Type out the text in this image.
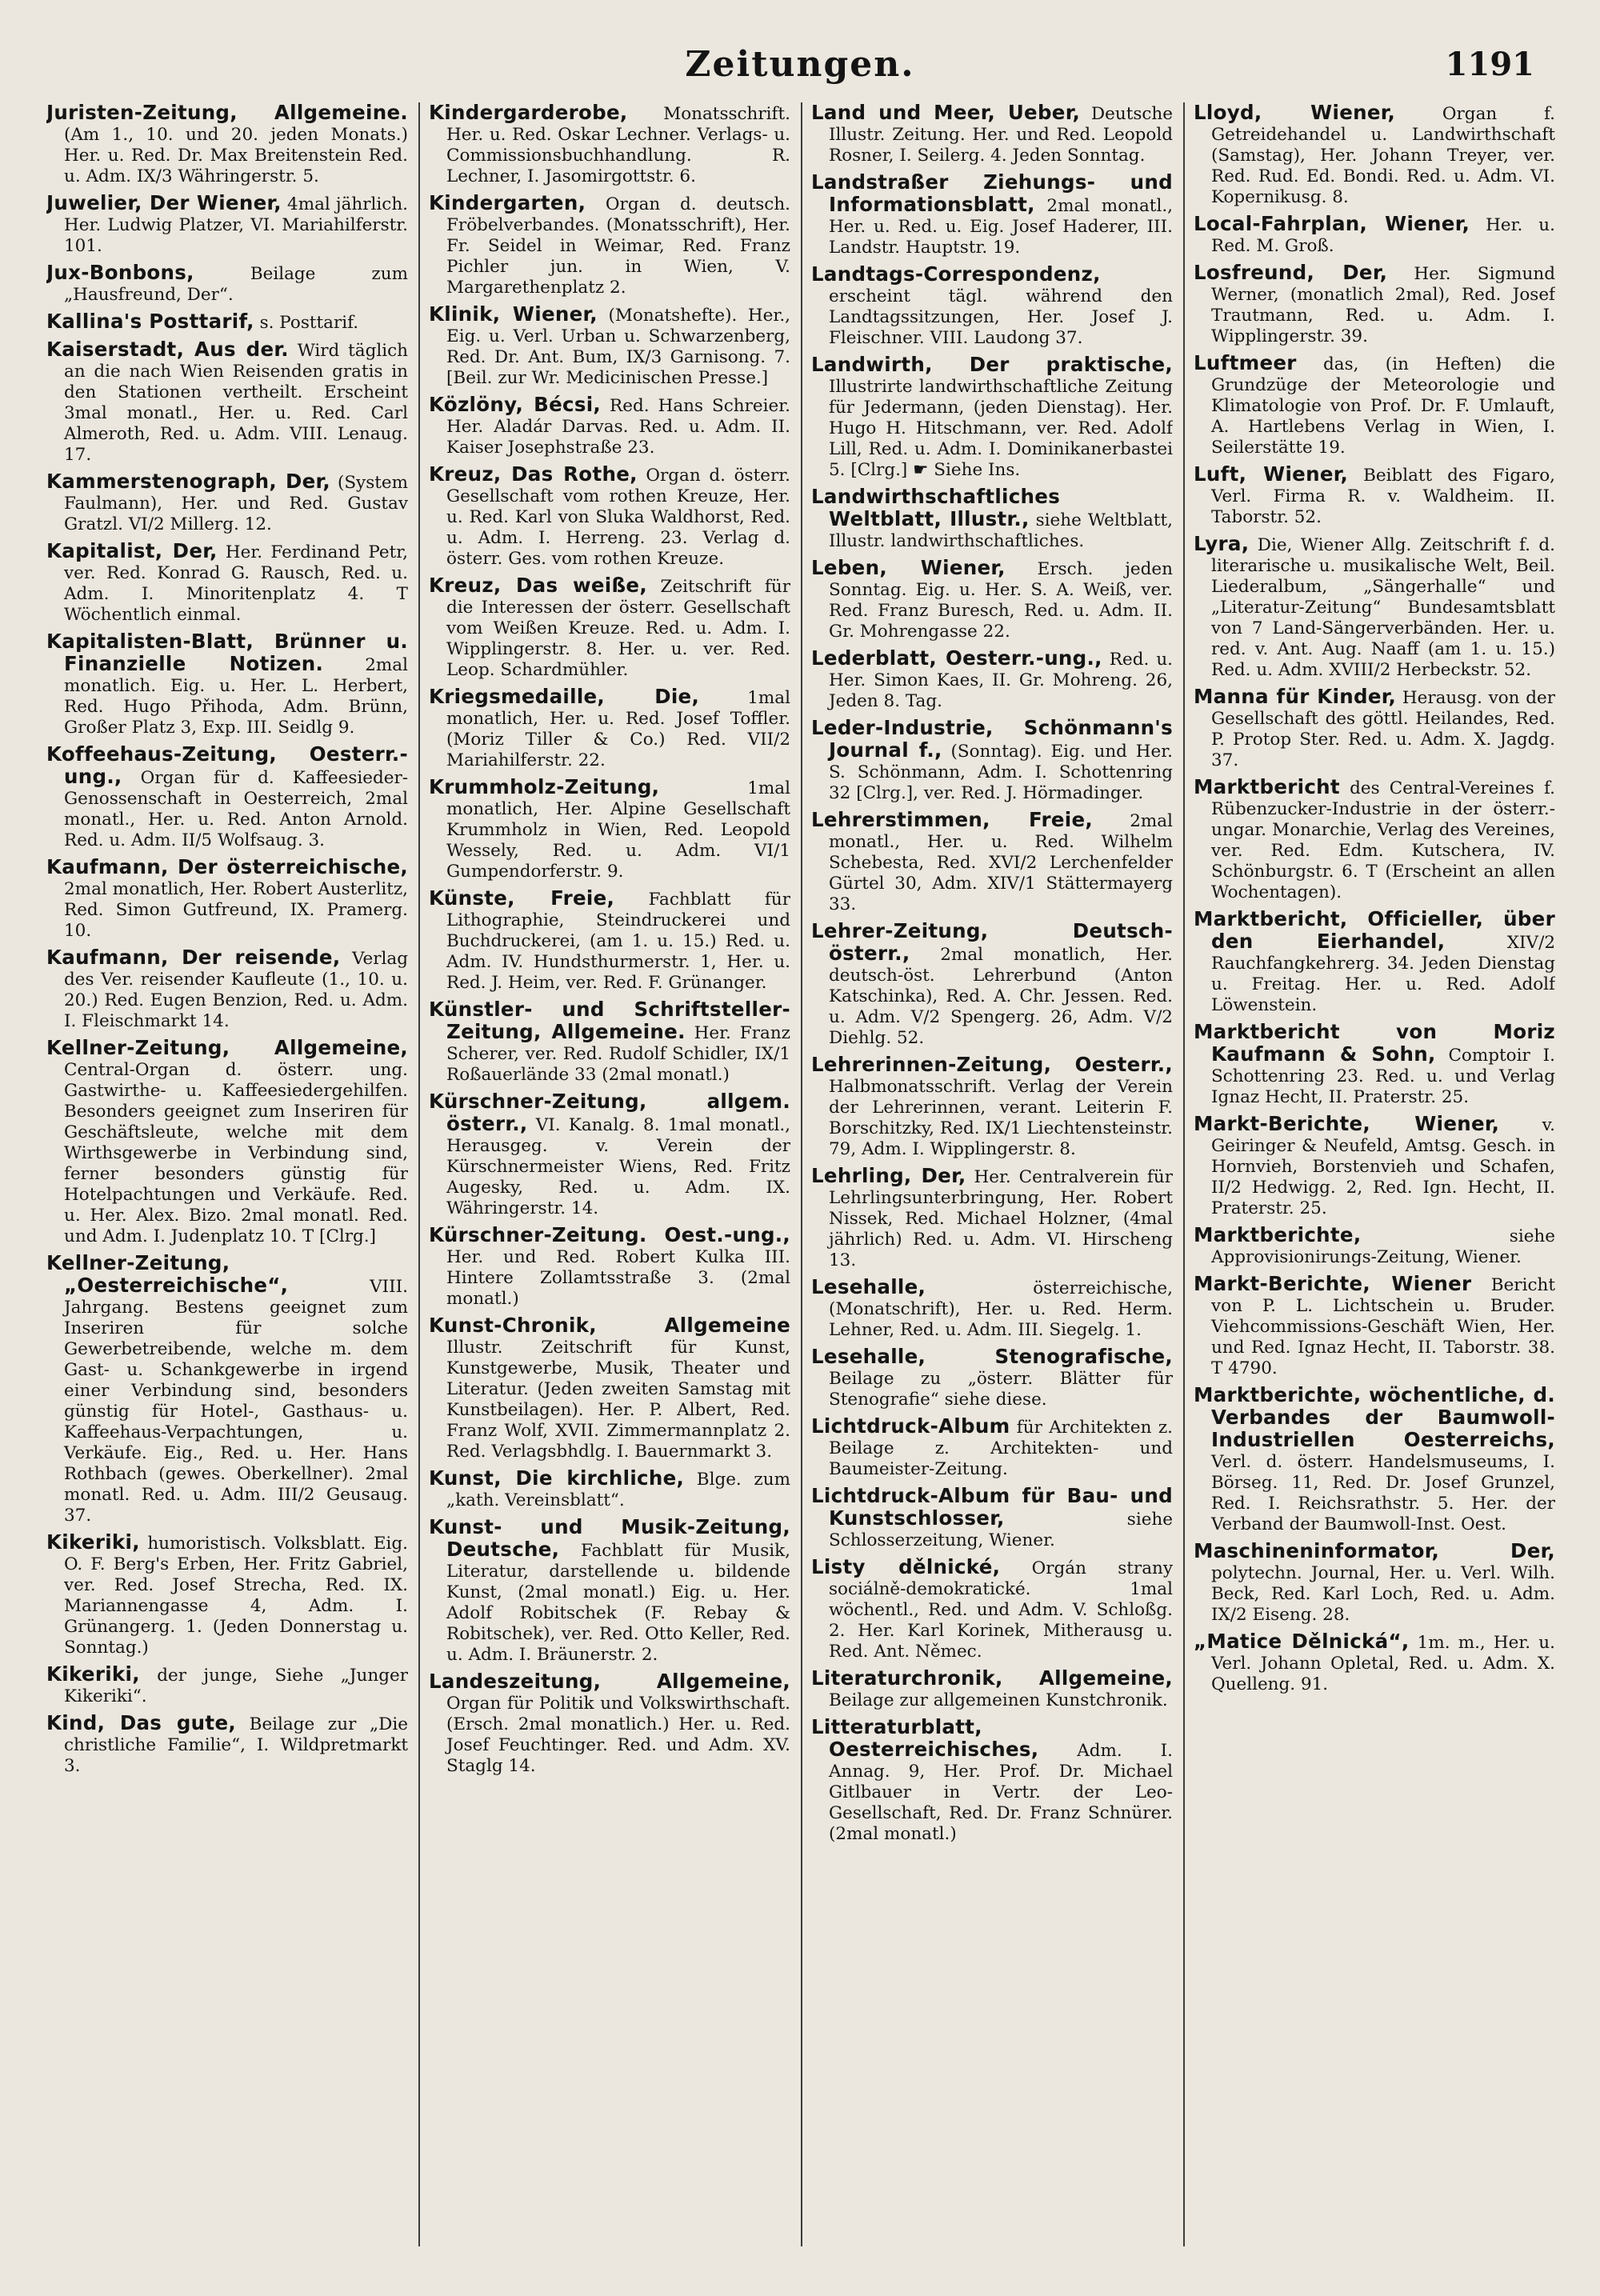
Zeitungen.	1191

Juristen-Zeitung, Allgemeine. (Am 1., 10. und 20. jeden Monats.) Her. u. Red. Dr. Max Breitenstein Red. u. Adm. IX/3 Währingerstr. 5.

Juwelier, Der Wiener, 4mal jährlich. Her. Ludwig Platzer, VI. Mariahilferstr. 101.

Jux-Bonbons,	Beilage zum „Hausfreund, Der“.

Kallina's Posttarif, s. Posttarif.

Kaiserstadt, Aus der. Wird täglich an die nach Wien Reisenden gratis in den Stationen vertheilt. Erscheint 3mal monatl., Her. u. Red. Carl Almeroth, Red. u. Adm. VIII. Lenaug. 17.

Kammerstenograph, Der, (System Faulmann), Her. und Red. Gustav Gratzl. VI/2 Millerg. 12.

Kapitalist, Der, Her. Ferdinand Petr, ver. Red. Konrad G. Rausch, Red. u. Adm. I. Minoritenplatz 4. T Wöchentlich einmal.

Kapitalisten-Blatt, Brünner u. Finanzielle Notizen. 2mal monatlich. Eig. u. Her. L. Herbert, Red. Hugo Přihoda, Adm. Brünn, Großer Platz 3, Exp. III. Seidlg 9.

Koffeehaus-Zeitung, Oesterr.-ung., Organ für d. Kaffeesieder-Genossenschaft in Oesterreich, 2mal monatl., Her. u. Red. Anton Arnold. Red. u. Adm. II/5 Wolfsaug. 3.

Kaufmann, Der österreichische, 2mal monatlich, Her. Robert Austerlitz, Red. Simon Gutfreund, IX. Pramerg. 10.

Kaufmann, Der reisende, Verlag des Ver. reisender Kaufleute (1., 10. u. 20.) Red. Eugen Benzion, Red. u. Adm. I. Fleischmarkt 14.

Kellner-Zeitung, Allgemeine, Central-Organ d. österr. ung. Gastwirthe- u. Kaffeesiedergehilfen. Besonders geeignet zum Inseriren für Geschäftsleute, welche mit dem Wirthsgewerbe in Verbindung sind, ferner besonders günstig für Hotelpachtungen und Verkäufe. Red. u. Her. Alex. Bizo. 2mal monatl. Red. und Adm. I. Judenplatz 10. T [Clrg.]

Kellner-Zeitung, „Oesterreichische“,	VIII. Jahrgang. Bestens geeignet zum Inseriren für solche Gewerbetreibende, welche m. dem Gast- u. Schankgewerbe in irgend einer Verbindung sind, besonders günstig für Hotel-, Gasthaus- u. Kaffeehaus-Verpachtungen, u. Verkäufe. Eig., Red. u. Her. Hans Rothbach (gewes. Oberkellner). 2mal monatl. Red. u. Adm. III/2 Geusaug. 37.

Kikeriki, humoristisch. Volksblatt. Eig. O. F. Berg's Erben, Her. Fritz Gabriel, ver. Red. Josef Strecha, Red. IX. Mariannengasse 4, Adm. I. Grünangerg. 1. (Jeden Donnerstag u. Sonntag.)

Kikeriki, der junge, Siehe „Junger Kikeriki“.

Kind, Das gute, Beilage zur „Die christliche Familie“, I. Wildpretmarkt 3.

Kindergarderobe, Monatsschrift. Her. u. Red. Oskar Lechner. Verlags- u. Commissionsbuchhandlung. R. Lechner, I. Jasomirgottstr. 6.

Kindergarten, Organ d. deutsch. Fröbelverbandes. (Monatsschrift), Her. Fr. Seidel in Weimar, Red. Franz Pichler jun. in Wien, V. Margarethenplatz 2.

Klinik, Wiener, (Monatshefte). Her., Eig. u. Verl. Urban u. Schwarzenberg, Red. Dr. Ant. Bum, IX/3 Garnisong. 7. [Beil. zur Wr. Medicinischen Presse.]

Közlöny, Bécsi, Red. Hans Schreier. Her. Aladár Darvas. Red. u. Adm. II. Kaiser Josephstraße 23.

Kreuz, Das Rothe, Organ d. österr. Gesellschaft vom rothen Kreuze, Her. u. Red. Karl von Sluka Waldhorst, Red. u. Adm. I. Herreng. 23. Verlag d. österr. Ges. vom rothen Kreuze.

Kreuz, Das weiße, Zeitschrift für die Interessen der österr. Gesellschaft vom Weißen Kreuze. Red. u. Adm. I. Wipplingerstr. 8. Her. u. ver. Red. Leop. Schardmühler.

Kriegsmedaille, Die,	1mal monatlich, Her. u. Red. Josef Toffler. (Moriz Tiller & Co.) Red. VII/2 Mariahilferstr. 22.

Krummholz-Zeitung,	1mal monatlich, Her. Alpine Gesellschaft Krummholz in Wien, Red. Leopold Wessely, Red. u. Adm. VI/1 Gumpendorferstr. 9.

Künste, Freie, Fachblatt für Lithographie, Steindruckerei und Buchdruckerei, (am 1. u. 15.) Red. u. Adm. IV. Hundsthurmerstr. 1, Her. u. Red. J. Heim, ver. Red. F. Grünanger.

Künstler- und Schriftsteller-Zeitung, Allgemeine. Her. Franz Scherer, ver. Red. Rudolf Schidler, IX/1 Roßauerlände 33 (2mal monatl.)

Kürschner-Zeitung, allgem. österr., VI. Kanalg. 8. 1mal monatl., Herausgeg. v. Verein der Kürschnermeister Wiens, Red. Fritz Augesky, Red. u. Adm. IX. Währingerstr. 14.

Kürschner-Zeitung. Oest.-ung., Her. und Red. Robert Kulka III. Hintere Zollamtsstraße 3. (2mal monatl.)

Kunst-Chronik, Allgemeine Illustr. Zeitschrift für Kunst, Kunstgewerbe, Musik, Theater und Literatur. (Jeden zweiten Samstag mit Kunstbeilagen). Her. P. Albert, Red. Franz Wolf, XVII. Zimmermannplatz 2. Red. Verlagsbhdlg. I. Bauernmarkt 3.

Kunst, Die kirchliche, Blge. zum „kath. Vereinsblatt“.

Kunst- und Musik-Zeitung, Deutsche, Fachblatt für Musik, Literatur, darstellende u. bildende Kunst, (2mal monatl.) Eig. u. Her. Adolf Robitschek (F. Rebay & Robitschek), ver. Red. Otto Keller, Red. u. Adm. I. Bräunerstr. 2.

Landeszeitung, Allgemeine, Organ für Politik und Volkswirthschaft. (Ersch. 2mal monatlich.) Her. u. Red. Josef Feuchtinger. Red. und Adm. XV. Staglg 14.

Land und Meer, Ueber, Deutsche Illustr. Zeitung. Her. und Red. Leopold Rosner, I. Seilerg. 4. Jeden Sonntag.

Landstraßer Ziehungs- und Informationsblatt, 2mal monatl., Her. u. Red. u. Eig. Josef Haderer, III. Landstr. Hauptstr. 19.

Landtags-Correspondenz, erscheint tägl. während den Landtagssitzungen, Her. Josef J. Fleischner. VIII. Laudong 37.

Landwirth, Der praktische, Illustrirte landwirthschaftliche Zeitung für Jedermann, (jeden Dienstag). Her. Hugo H. Hitschmann, ver. Red. Adolf Lill, Red. u. Adm. I. Dominikanerbastei 5. [Clrg.] ☛ Siehe Ins.

Landwirthschaftliches Weltblatt, Illustr., siehe Weltblatt, Illustr. landwirthschaftliches.

Leben, Wiener, Ersch. jeden Sonntag. Eig. u. Her. S. A. Weiß, ver. Red. Franz Buresch, Red. u. Adm. II. Gr. Mohrengasse 22.

Lederblatt, Oesterr.-ung., Red. u. Her. Simon Kaes, II. Gr. Mohreng. 26, Jeden 8. Tag.

Leder-Industrie, Schönmann's Journal f., (Sonntag). Eig. und Her. S. Schönmann, Adm. I. Schottenring 32 [Clrg.], ver. Red. J. Hörmadinger.

Lehrerstimmen, Freie, 2mal monatl., Her. u. Red. Wilhelm Schebesta, Red. XVI/2 Lerchenfelder Gürtel 30, Adm. XIV/1 Stättermayerg 33.

Lehrer-Zeitung, Deutsch-österr., 2mal monatlich, Her. deutsch-öst. Lehrerbund (Anton Katschinka), Red. A. Chr. Jessen. Red. u. Adm. V/2 Spengerg. 26, Adm. V/2 Diehlg. 52.

Lehrerinnen-Zeitung, Oesterr., Halbmonatsschrift. Verlag der Verein der Lehrerinnen, verant. Leiterin F. Borschitzky, Red. IX/1 Liechtensteinstr. 79, Adm. I. Wipplingerstr. 8.

Lehrling, Der, Her. Centralverein für Lehrlingsunterbringung, Her. Robert Nissek, Red. Michael Holzner, (4mal jährlich) Red. u. Adm. VI. Hirscheng 13.

Lesehalle,	österreichische, (Monatschrift), Her. u. Red. Herm. Lehner, Red. u. Adm. III. Siegelg. 1.

Lesehalle, Stenografische, Beilage zu „österr. Blätter für Stenografie“ siehe diese.

Lichtdruck-Album für Architekten z. Beilage z. Architekten- und Baumeister-Zeitung.

Lichtdruck-Album für Bau- und Kunstschlosser,	siehe Schlosserzeitung, Wiener.

Listy dělnické, Orgán strany sociálně-demokratické. 1mal wöchentl., Red. und Adm. V. Schloßg. 2. Her. Karl Korinek, Mitherausg u. Red. Ant. Němec.

Literaturchronik, Allgemeine, Beilage zur allgemeinen Kunstchronik.

Litteraturblatt, Oesterreichisches, Adm. I. Annag. 9, Her. Prof. Dr. Michael Gitlbauer in Vertr. der Leo-Gesellschaft, Red. Dr. Franz Schnürer. (2mal monatl.)

Lloyd, Wiener,	Organ f. Getreidehandel u. Landwirthschaft (Samstag), Her. Johann Treyer, ver. Red. Rud. Ed. Bondi. Red. u. Adm. VI. Kopernikusg. 8.

Local-Fahrplan, Wiener, Her. u. Red. M. Groß.

Losfreund, Der, Her. Sigmund Werner, (monatlich 2mal), Red. Josef Trautmann, Red. u. Adm. I. Wipplingerstr. 39.

Luftmeer das, (in Heften) die Grundzüge der Meteorologie und Klimatologie von Prof. Dr. F. Umlauft, A. Hartlebens Verlag in Wien, I. Seilerstätte 19.

Luft, Wiener, Beiblatt des Figaro, Verl. Firma R. v. Waldheim. II. Taborstr. 52.

Lyra, Die, Wiener Allg. Zeitschrift f. d. literarische u. musikalische Welt, Beil. Liederalbum, „Sängerhalle“ und „Literatur-Zeitung“ Bundesamtsblatt von 7 Land-Sängerverbänden. Her. u. red. v. Ant. Aug. Naaff (am 1. u. 15.) Red. u. Adm. XVIII/2 Herbeckstr. 52.

Manna für Kinder, Herausg. von der Gesellschaft des göttl. Heilandes, Red. P. Protop Ster. Red. u. Adm. X. Jagdg. 37.

Marktbericht des Central-Vereines f. Rübenzucker-Industrie in der österr.-ungar. Monarchie, Verlag des Vereines, ver. Red. Edm. Kutschera, IV. Schönburgstr. 6. T (Erscheint an allen Wochentagen).

Marktbericht, Officieller, über den Eierhandel,	XIV/2 Rauchfangkehrerg. 34. Jeden Dienstag u. Freitag. Her. u. Red. Adolf Löwenstein.

Marktbericht von Moriz Kaufmann & Sohn, Comptoir I. Schottenring 23. Red. u. und Verlag Ignaz Hecht, II. Praterstr. 25.

Markt-Berichte, Wiener, v. Geiringer & Neufeld, Amtsg. Gesch. in Hornvieh, Borstenvieh und Schafen, II/2 Hedwigg. 2, Red. Ign. Hecht, II. Praterstr. 25.

Marktberichte,	siehe Approvisionirungs-Zeitung, Wiener.

Markt-Berichte, Wiener Bericht von P. L. Lichtschein u. Bruder. Viehcommissions-Geschäft Wien, Her. und Red. Ignaz Hecht, II. Taborstr. 38. T 4790.

Marktberichte, wöchentliche, d. Verbandes der Baumwoll-Industriellen Oesterreichs, Verl. d. österr. Handelsmuseums, I. Börseg. 11, Red. Dr. Josef Grunzel, Red. I. Reichsrathstr. 5. Her. der Verband der Baumwoll-Inst. Oest.

Maschineninformator, Der, polytechn. Journal, Her. u. Verl. Wilh. Beck, Red. Karl Loch, Red. u. Adm. IX/2 Eiseng. 28.

„Matice Dělnická“, 1m. m., Her. u. Verl. Johann Opletal, Red. u. Adm. X. Quelleng. 91.
